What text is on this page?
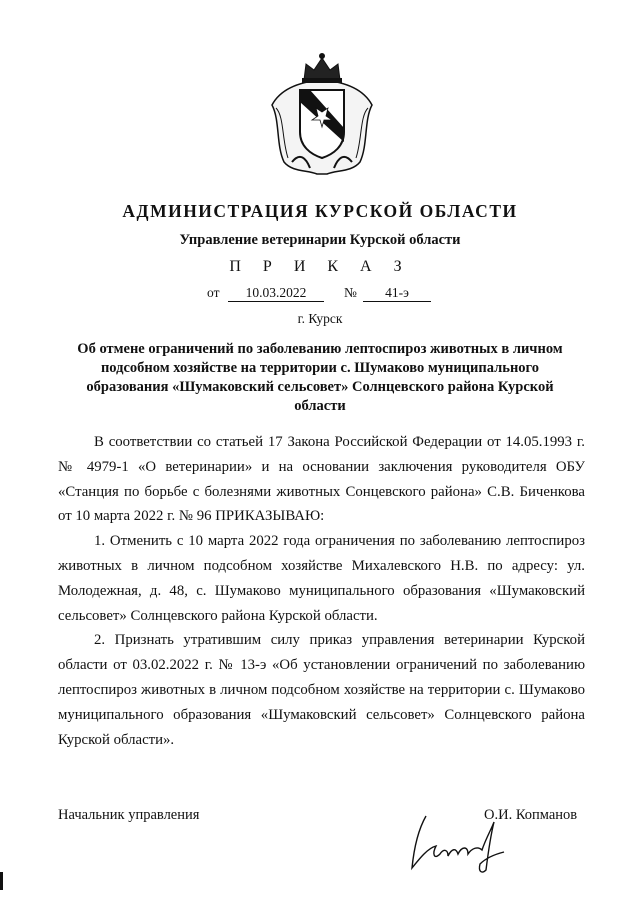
АДМИНИСТРАЦИЯ КУРСКОЙ ОБЛАСТИ
Управление ветеринарии Курской области
П Р И К А З
от	10.03.2022	№	41-э
г. Курск
Об отмене ограничений по заболеванию лептоспироз животных в личном подсобном хозяйстве на территории с. Шумаково муниципального образования «Шумаковский сельсовет» Солнцевского района Курской области

В соответствии со статьей 17 Закона Российской Федерации от 14.05.1993 г. № 4979-1 «О ветеринарии» и на основании заключения руководителя ОБУ «Станция по борьбе с болезнями животных Сонцевского района» С.В. Биченкова от 10 марта 2022 г. № 96 ПРИКАЗЫВАЮ:

1. Отменить с 10 марта 2022 года ограничения по заболеванию лептоспироз животных в личном подсобном хозяйстве Михалевского Н.В. по адресу: ул. Молодежная, д. 48, с. Шумаково муниципального образования «Шумаковский сельсовет» Солнцевского района Курской области.

2. Признать утратившим силу приказ управления ветеринарии Курской области от 03.02.2022 г. № 13-э «Об установлении ограничений по заболеванию лептоспироз животных в личном подсобном хозяйстве на территории с. Шумаково муниципального образования «Шумаковский сельсовет» Солнцевского района Курской области».

Начальник управления	О.И. Копманов
